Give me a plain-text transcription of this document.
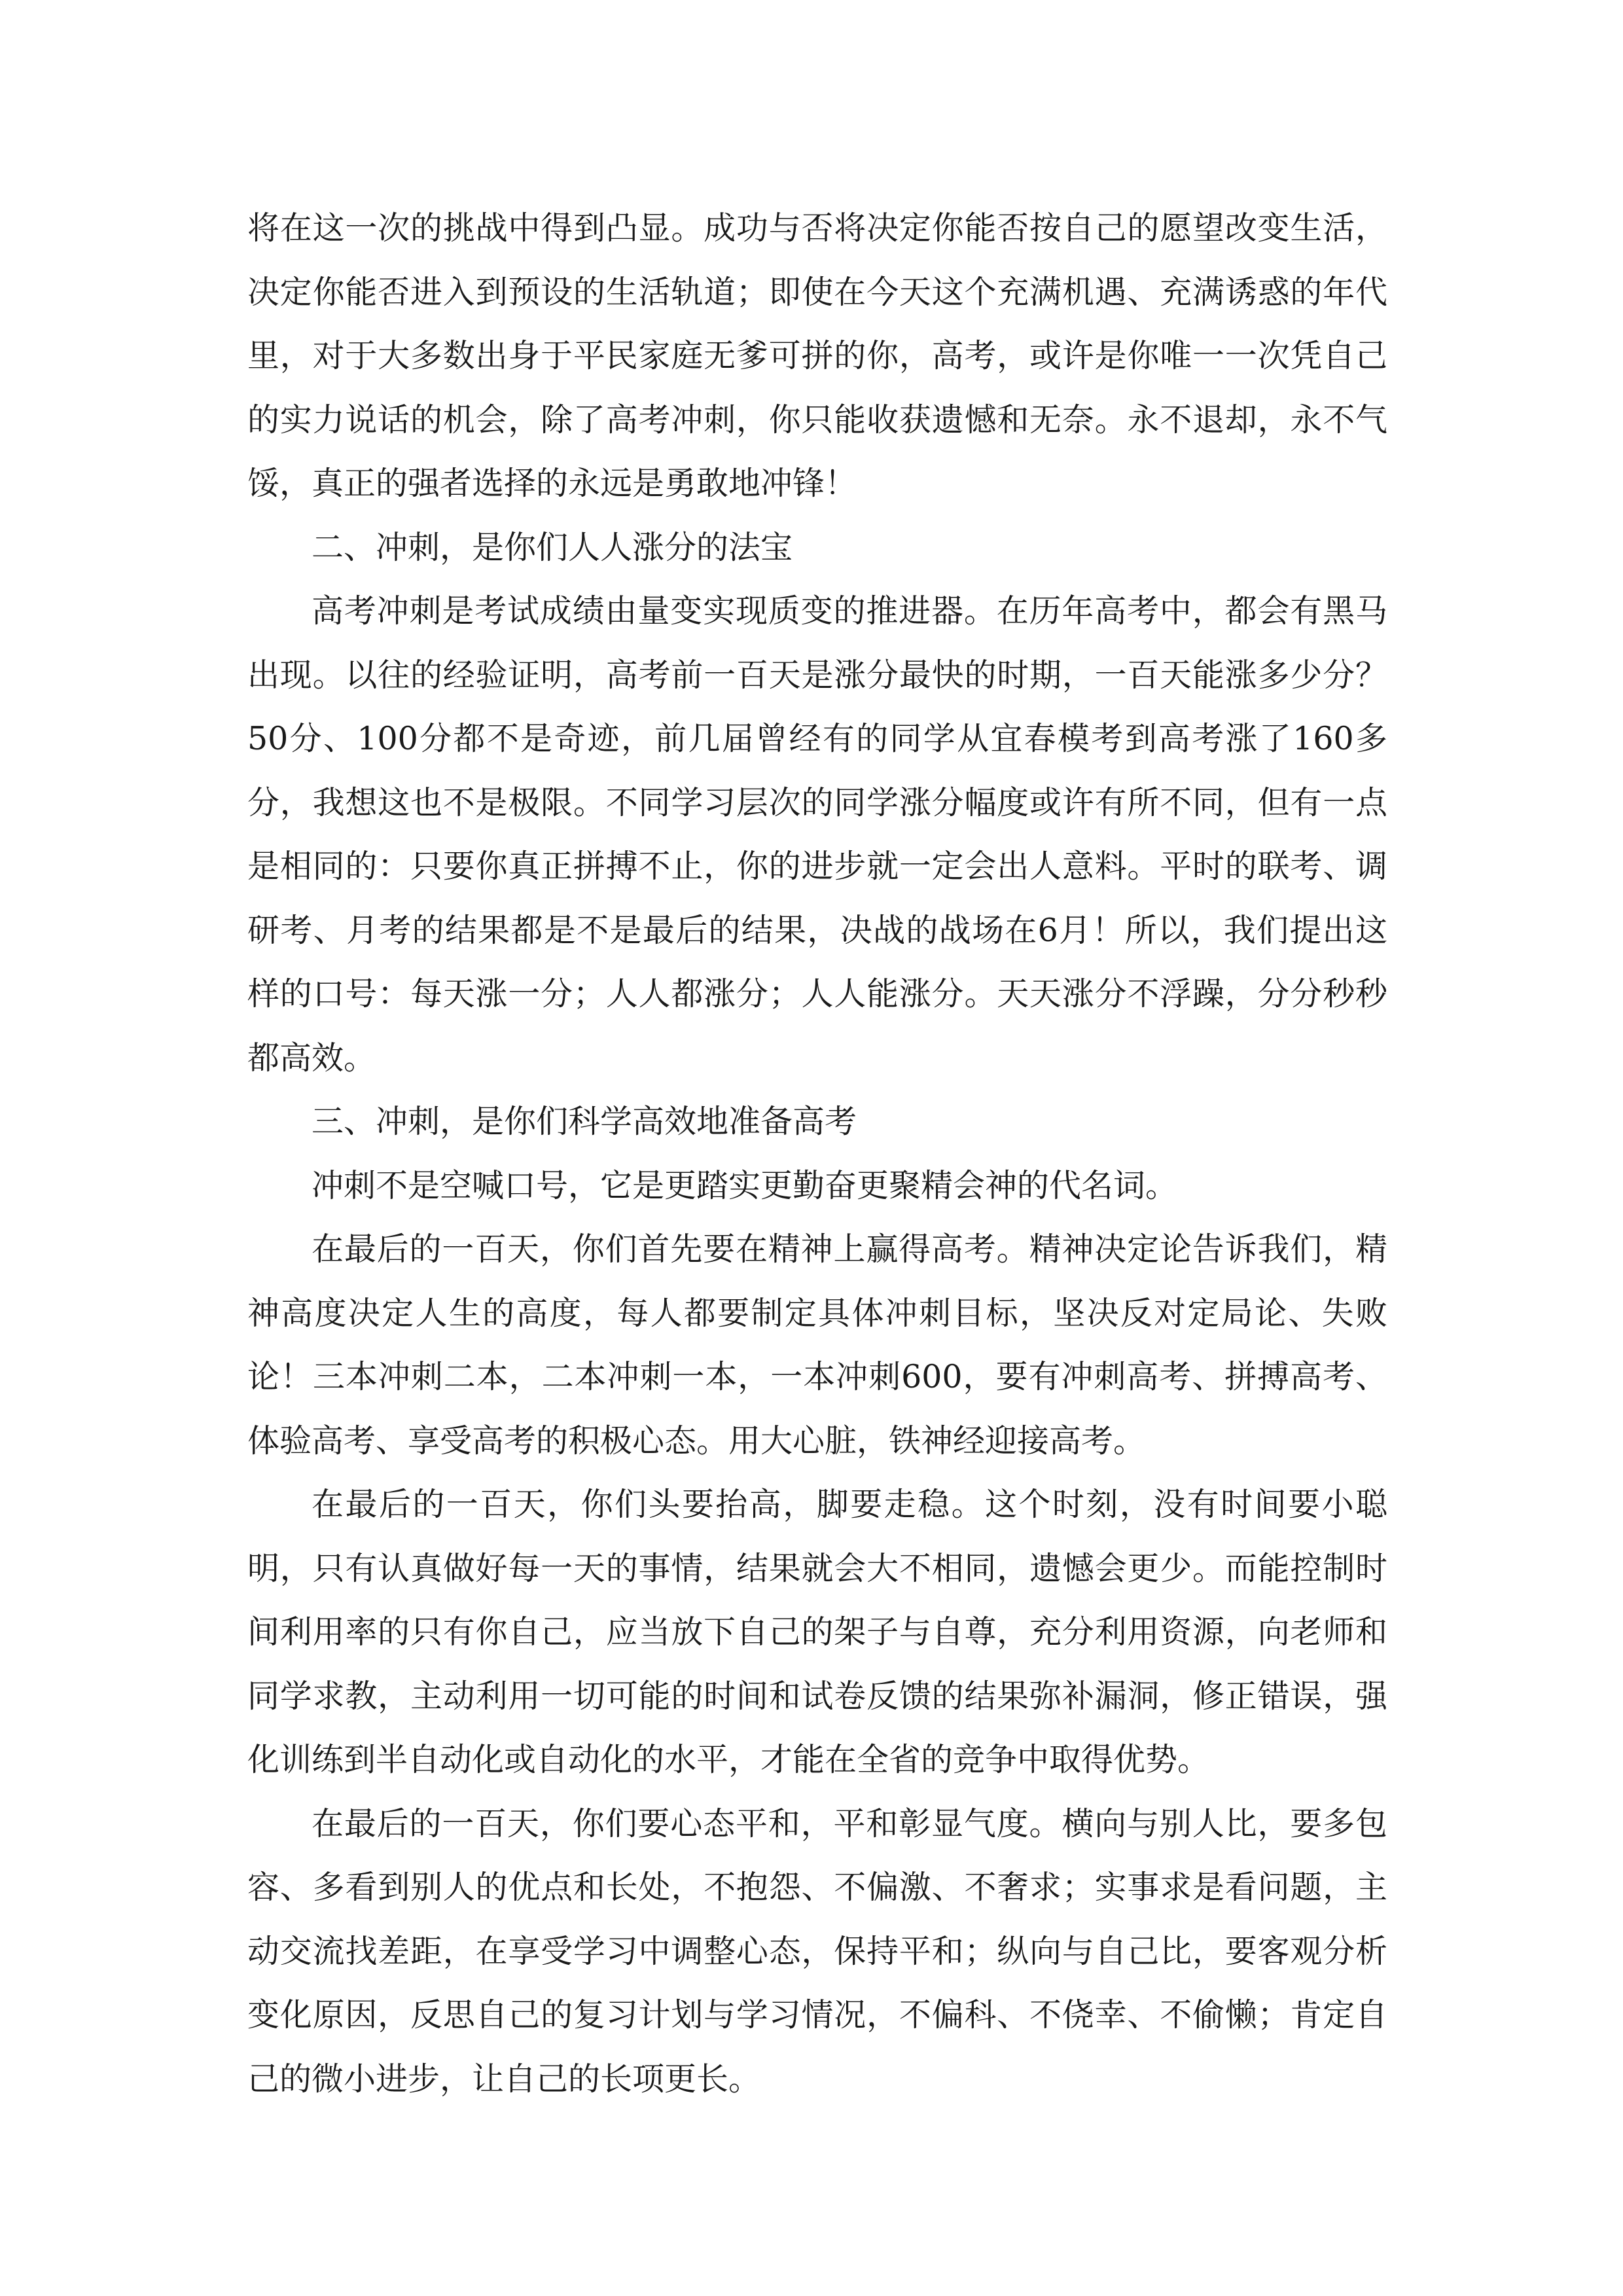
将在这一次的挑战中得到凸显。成功与否将决定你能否按自己的愿望改变生活，决定你能否进入到预设的生活轨道；即使在今天这个充满机遇、充满诱惑的年代里，对于大多数出身于平民家庭无爹可拼的你，高考，或许是你唯一一次凭自己的实力说话的机会，除了高考冲刺，你只能收获遗憾和无奈。永不退却，永不气馁，真正的强者选择的永远是勇敢地冲锋！

二、冲刺，是你们人人涨分的法宝

高考冲刺是考试成绩由量变实现质变的推进器。在历年高考中，都会有黑马出现。以往的经验证明，高考前一百天是涨分最快的时期，一百天能涨多少分？50分、100分都不是奇迹，前几届曾经有的同学从宜春模考到高考涨了160多分，我想这也不是极限。不同学习层次的同学涨分幅度或许有所不同，但有一点是相同的：只要你真正拼搏不止，你的进步就一定会出人意料。平时的联考、调研考、月考的结果都是不是最后的结果，决战的战场在6月！所以，我们提出这样的口号：每天涨一分；人人都涨分；人人能涨分。天天涨分不浮躁，分分秒秒都高效。

三、冲刺，是你们科学高效地准备高考

冲刺不是空喊口号，它是更踏实更勤奋更聚精会神的代名词。

在最后的一百天，你们首先要在精神上赢得高考。精神决定论告诉我们，精神高度决定人生的高度，每人都要制定具体冲刺目标，坚决反对定局论、失败论！三本冲刺二本，二本冲刺一本，一本冲刺600，要有冲刺高考、拼搏高考、体验高考、享受高考的积极心态。用大心脏，铁神经迎接高考。

在最后的一百天，你们头要抬高，脚要走稳。这个时刻，没有时间要小聪明，只有认真做好每一天的事情，结果就会大不相同，遗憾会更少。而能控制时间利用率的只有你自己，应当放下自己的架子与自尊，充分利用资源，向老师和同学求教，主动利用一切可能的时间和试卷反馈的结果弥补漏洞，修正错误，强化训练到半自动化或自动化的水平，才能在全省的竞争中取得优势。

在最后的一百天，你们要心态平和，平和彰显气度。横向与别人比，要多包容、多看到别人的优点和长处，不抱怨、不偏激、不奢求；实事求是看问题，主动交流找差距，在享受学习中调整心态，保持平和；纵向与自己比，要客观分析变化原因，反思自己的复习计划与学习情况，不偏科、不侥幸、不偷懒；肯定自己的微小进步，让自己的长项更长。
